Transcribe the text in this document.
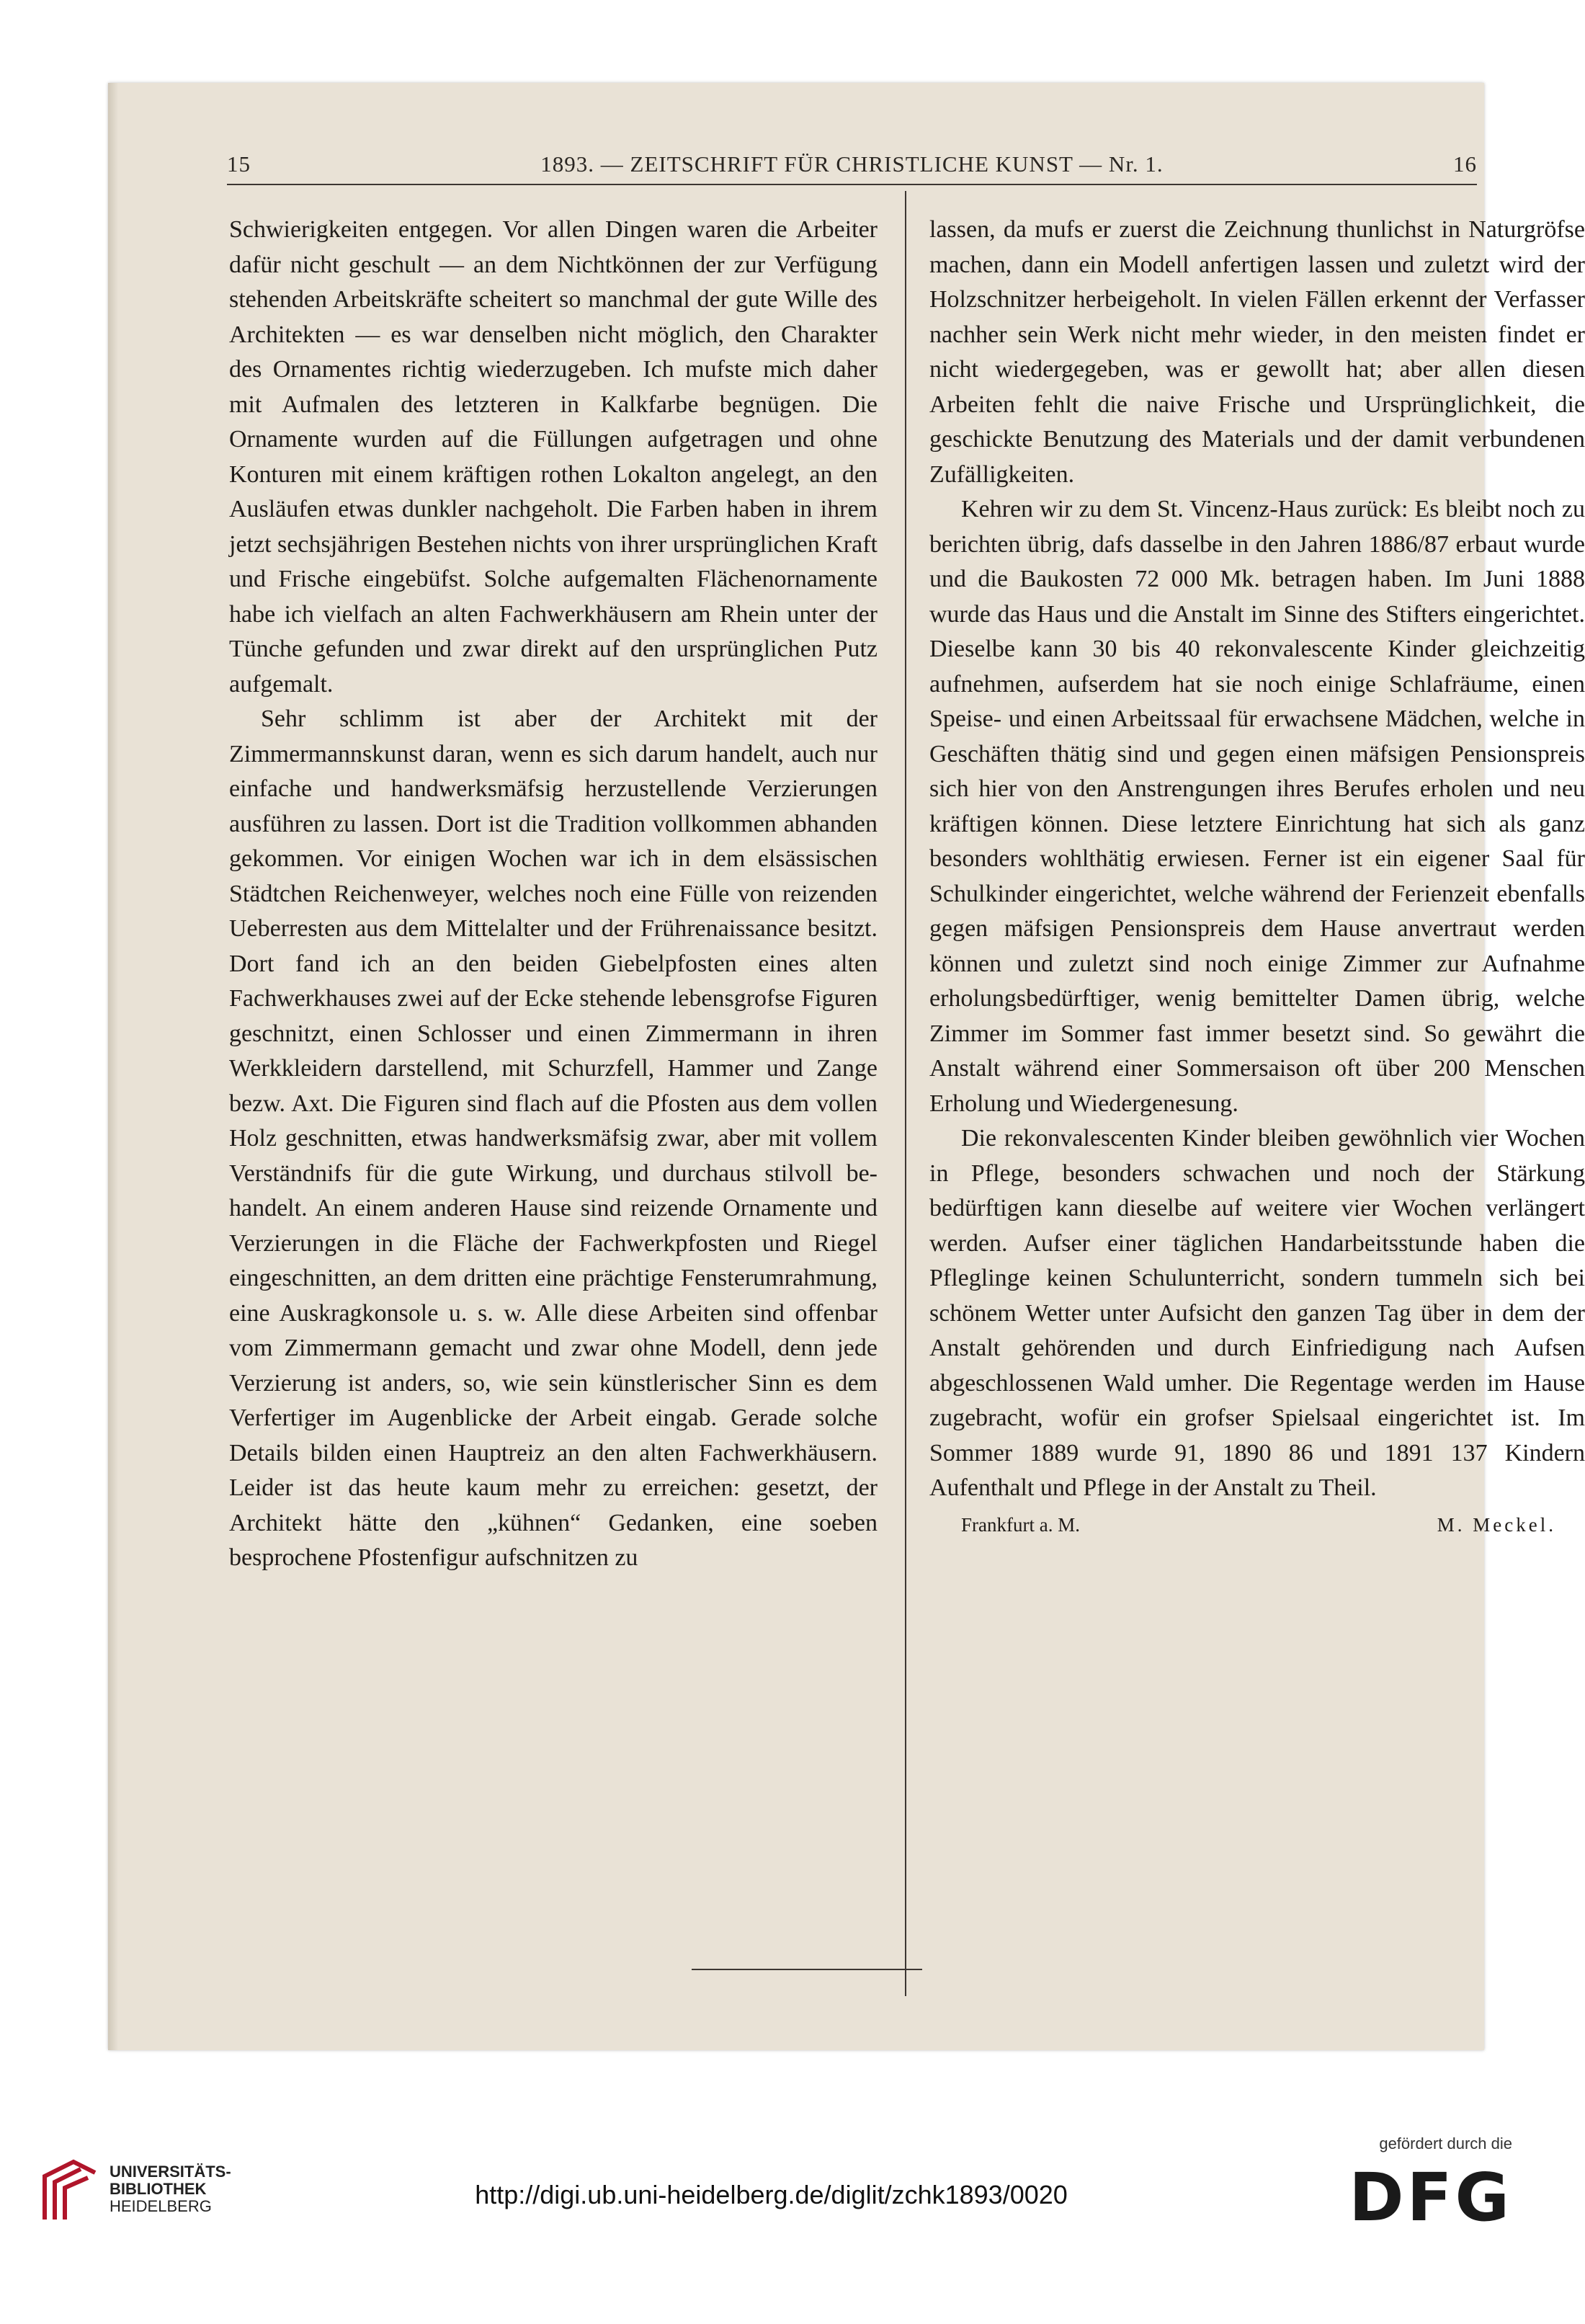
15	1893. — ZEITSCHRIFT FÜR CHRISTLICHE KUNST — Nr. 1.	16

Schwierigkeiten entgegen. Vor allen Dingen waren die Arbeiter dafür nicht geschult — an dem Nichtkönnen der zur Verfügung stehenden Arbeitskräfte scheitert so manchmal der gute Wille des Architekten — es war denselben nicht möglich, den Charakter des Ornamentes richtig wiederzugeben. Ich mufste mich daher mit Aufmalen des letzteren in Kalkfarbe begnügen. Die Ornamente wurden auf die Füllungen aufgetragen und ohne Konturen mit einem kräftigen rothen Lokalton angelegt, an den Ausläufen etwas dunkler nachgeholt. Die Farben haben in ihrem jetzt sechsjährigen Bestehen nichts von ihrer ursprünglichen Kraft und Frische eingebüfst. Solche aufgemalten Flächenornamente habe ich vielfach an alten Fachwerkhäusern am Rhein unter der Tünche gefunden und zwar direkt auf den ursprünglichen Putz aufgemalt.

Sehr schlimm ist aber der Architekt mit der Zimmermannskunst daran, wenn es sich darum handelt, auch nur einfache und handwerksmäfsig herzustellende Verzierungen ausführen zu lassen. Dort ist die Tradition vollkommen abhanden gekommen. Vor einigen Wochen war ich in dem elsässischen Städtchen Reichenweyer, welches noch eine Fülle von reizenden Ueberresten aus dem Mittelalter und der Frührenaissance besitzt. Dort fand ich an den beiden Giebelpfosten eines alten Fachwerkhauses zwei auf der Ecke stehende lebensgrofse Figuren geschnitzt, einen Schlosser und einen Zimmermann in ihren Werkkleidern darstellend, mit Schurzfell, Hammer und Zange bezw. Axt. Die Figuren sind flach auf die Pfosten aus dem vollen Holz geschnitten, etwas handwerksmäfsig zwar, aber mit vollem Verständnifs für die gute Wirkung, und durchaus stilvoll behandelt. An einem anderen Hause sind reizende Ornamente und Verzierungen in die Fläche der Fachwerkpfosten und Riegel eingeschnitten, an dem dritten eine prächtige Fensterumrahmung, eine Auskragkonsole u. s. w. Alle diese Arbeiten sind offenbar vom Zimmermann gemacht und zwar ohne Modell, denn jede Verzierung ist anders, so, wie sein künstlerischer Sinn es dem Verfertiger im Augenblicke der Arbeit eingab. Gerade solche Details bilden einen Hauptreiz an den alten Fachwerkhäusern. Leider ist das heute kaum mehr zu erreichen: gesetzt, der Architekt hätte den „kühnen“ Gedanken, eine soeben besprochene Pfostenfigur aufschnitzen zu

lassen, da mufs er zuerst die Zeichnung thunlichst in Naturgröfse machen, dann ein Modell anfertigen lassen und zuletzt wird der Holzschnitzer herbeigeholt. In vielen Fällen erkennt der Verfasser nachher sein Werk nicht mehr wieder, in den meisten findet er nicht wiedergegeben, was er gewollt hat; aber allen diesen Arbeiten fehlt die naive Frische und Ursprünglichkeit, die geschickte Benutzung des Materials und der damit verbundenen Zufälligkeiten.

Kehren wir zu dem St. Vincenz-Haus zurück: Es bleibt noch zu berichten übrig, dafs dasselbe in den Jahren 1886/87 erbaut wurde und die Baukosten 72 000 Mk. betragen haben. Im Juni 1888 wurde das Haus und die Anstalt im Sinne des Stifters eingerichtet. Dieselbe kann 30 bis 40 rekonvalescente Kinder gleichzeitig aufnehmen, aufserdem hat sie noch einige Schlafräume, einen Speise- und einen Arbeitssaal für erwachsene Mädchen, welche in Geschäften thätig sind und gegen einen mäfsigen Pensionspreis sich hier von den Anstrengungen ihres Berufes erholen und neu kräftigen können. Diese letztere Einrichtung hat sich als ganz besonders wohlthätig erwiesen. Ferner ist ein eigener Saal für Schulkinder eingerichtet, welche während der Ferienzeit ebenfalls gegen mäfsigen Pensionspreis dem Hause anvertraut werden können und zuletzt sind noch einige Zimmer zur Aufnahme erholungsbedürftiger, wenig bemittelter Damen übrig, welche Zimmer im Sommer fast immer besetzt sind. So gewährt die Anstalt während einer Sommersaison oft über 200 Menschen Erholung und Wiedergenesung.

Die rekonvalescenten Kinder bleiben gewöhnlich vier Wochen in Pflege, besonders schwachen und noch der Stärkung bedürftigen kann dieselbe auf weitere vier Wochen verlängert werden. Aufser einer täglichen Handarbeitsstunde haben die Pfleglinge keinen Schulunterricht, sondern tummeln sich bei schönem Wetter unter Aufsicht den ganzen Tag über in dem der Anstalt gehörenden und durch Einfriedigung nach Aufsen abgeschlossenen Wald umher. Die Regentage werden im Hause zugebracht, wofür ein grofser Spielsaal eingerichtet ist. Im Sommer 1889 wurde 91, 1890 86 und 1891 137 Kindern Aufenthalt und Pflege in der Anstalt zu Theil.

Frankfurt a. M.	M. Meckel.
UNIVERSITÄTS-
BIBLIOTHEK
HEIDELBERG	http://digi.ub.uni-heidelberg.de/diglit/zchk1893/0020
gefördert durch die
DFG
